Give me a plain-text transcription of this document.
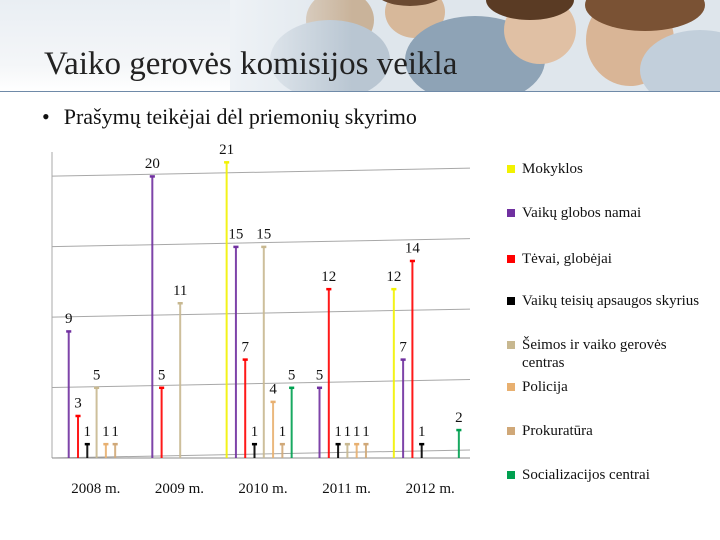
Vaiko gerovės komisijos veikla
• Prašymų teikėjai dėl priemonių skyrimo
2008 m.
9
3
1
5
1 1
2009 m.
20
5
11
2010 m.
21
15
7
1
15
4
1
5
2011 m.
5
12
1 1 1 1
2012 m.
12
7
14
1
2
Mokyklos
Vaikų globos namai
Tėvai, globėjai
Vaikų teisių apsaugos skyrius
Šeimos ir vaiko gerovės centras
Policija
Prokuratūra
Socializacijos centrai
